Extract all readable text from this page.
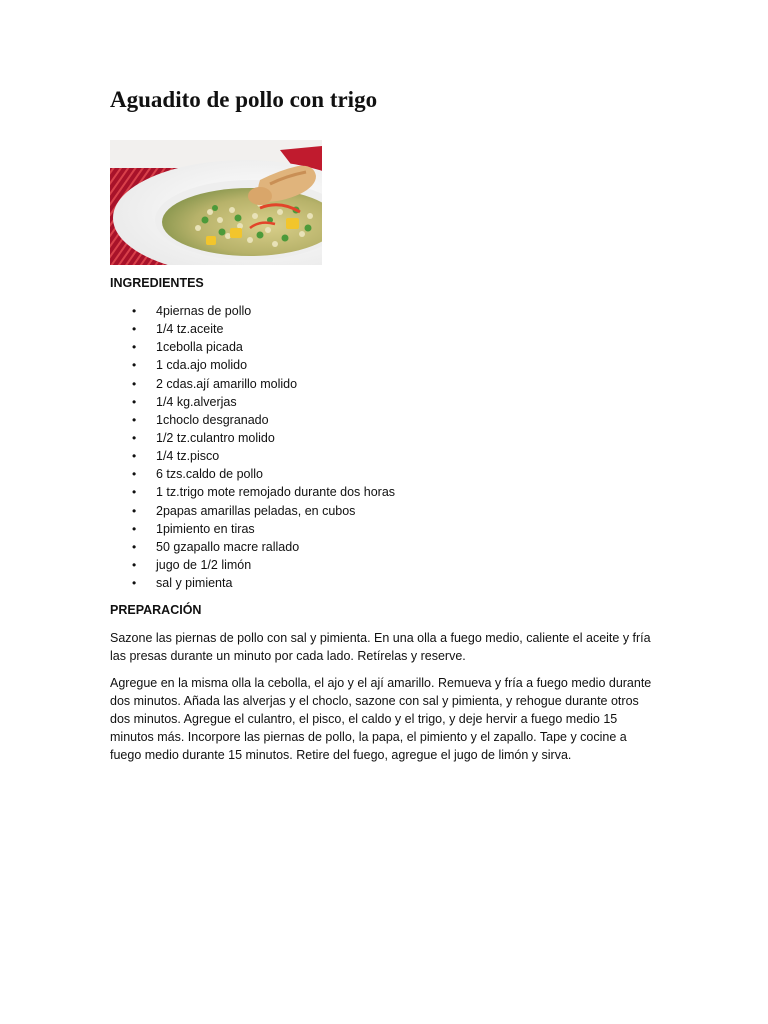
Aguadito de pollo con trigo
INGREDIENTES
• 4piernas de pollo
• 1/4 tz.aceite
• 1cebolla picada
• 1 cda.ajo molido
• 2 cdas.ají amarillo molido
• 1/4 kg.alverjas
• 1choclo desgranado
• 1/2 tz.culantro molido
• 1/4 tz.pisco
• 6 tzs.caldo de pollo
• 1 tz.trigo mote remojado durante dos horas
• 2papas amarillas peladas, en cubos
• 1pimiento en tiras
• 50 gzapallo macre rallado
• jugo de 1/2 limón
• sal y pimienta
PREPARACIÓN

Sazone las piernas de pollo con sal y pimienta. En una olla a fuego medio, caliente el aceite y fría las presas durante un minuto por cada lado. Retírelas y reserve.

Agregue en la misma olla la cebolla, el ajo y el ají amarillo. Remueva y fría a fuego medio durante dos minutos. Añada las alverjas y el choclo, sazone con sal y pimienta, y rehogue durante otros dos minutos. Agregue el culantro, el pisco, el caldo y el trigo, y deje hervir a fuego medio 15 minutos más. Incorpore las piernas de pollo, la papa, el pimiento y el zapallo. Tape y cocine a fuego medio durante 15 minutos. Retire del fuego, agregue el jugo de limón y sirva.
